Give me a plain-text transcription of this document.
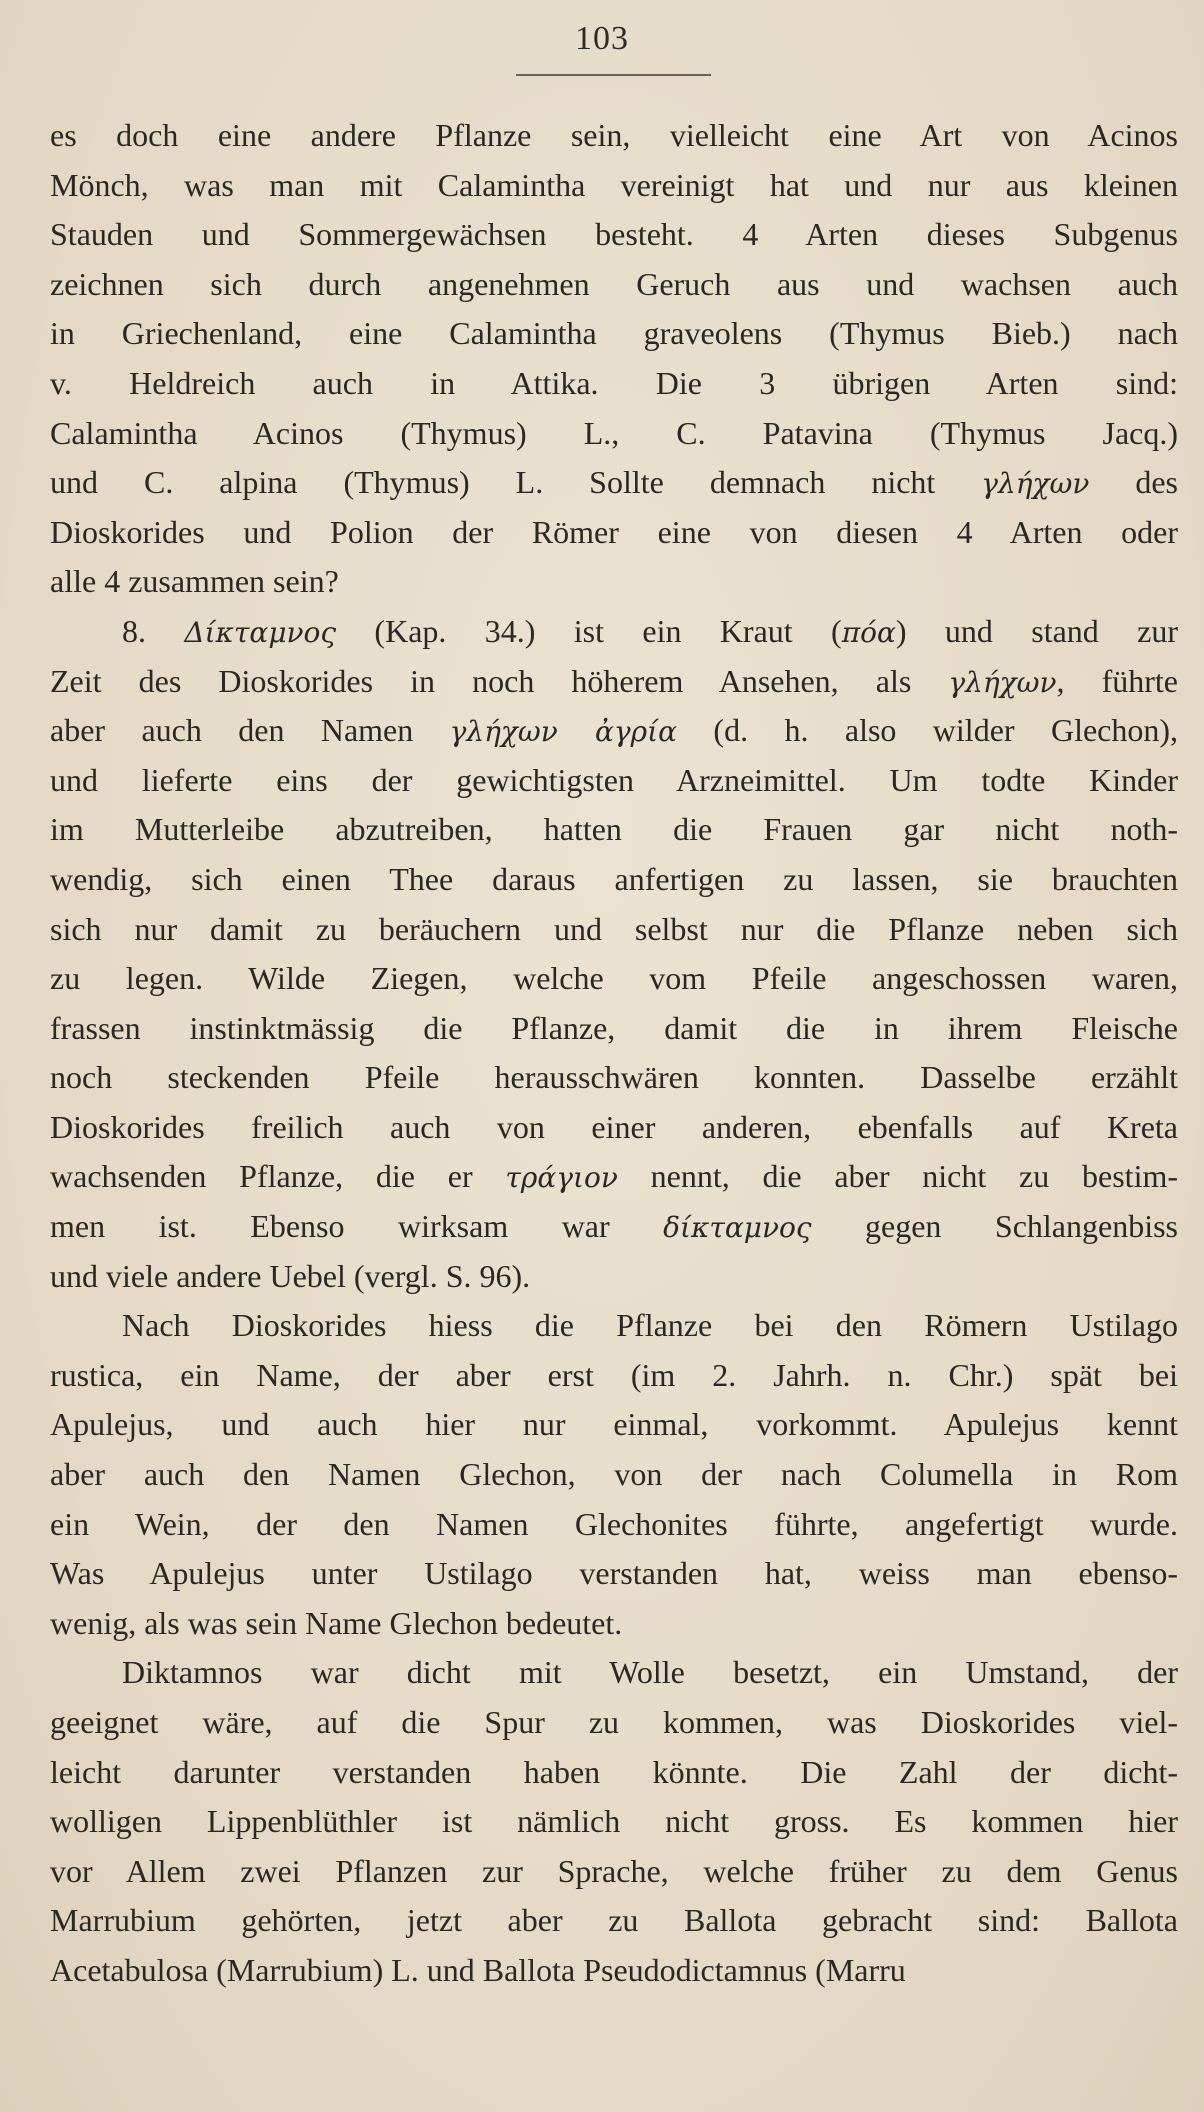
103
es doch eine andere Pflanze sein, vielleicht eine Art von Acinos
Mönch, was man mit Calamintha vereinigt hat und nur aus kleinen
Stauden und Sommergewächsen besteht. 4 Arten dieses Subgenus
zeichnen sich durch angenehmen Geruch aus und wachsen auch
in Griechenland, eine Calamintha graveolens (Thymus Bieb.) nach
v. Heldreich auch in Attika. Die 3 übrigen Arten sind:
Calamintha Acinos (Thymus) L., C. Patavina (Thymus Jacq.)
und C. alpina (Thymus) L. Sollte demnach nicht γλήχων des
Dioskorides und Polion der Römer eine von diesen 4 Arten oder
alle 4 zusammen sein?
8. Δίκταμνος (Kap. 34.) ist ein Kraut (πόα) und stand zur
Zeit des Dioskorides in noch höherem Ansehen, als γλήχων, führte
aber auch den Namen γλήχων ἀγρία (d. h. also wilder Glechon),
und lieferte eins der gewichtigsten Arzneimittel. Um todte Kinder
im Mutterleibe abzutreiben, hatten die Frauen gar nicht noth-
wendig, sich einen Thee daraus anfertigen zu lassen, sie brauchten
sich nur damit zu beräuchern und selbst nur die Pflanze neben sich
zu legen. Wilde Ziegen, welche vom Pfeile angeschossen waren,
frassen instinktmässig die Pflanze, damit die in ihrem Fleische
noch steckenden Pfeile herausschwären konnten. Dasselbe erzählt
Dioskorides freilich auch von einer anderen, ebenfalls auf Kreta
wachsenden Pflanze, die er τράγιον nennt, die aber nicht zu bestim-
men ist. Ebenso wirksam war δίκταμνος gegen Schlangenbiss
und viele andere Uebel (vergl. S. 96).
Nach Dioskorides hiess die Pflanze bei den Römern Ustilago
rustica, ein Name, der aber erst (im 2. Jahrh. n. Chr.) spät bei
Apulejus, und auch hier nur einmal, vorkommt. Apulejus kennt
aber auch den Namen Glechon, von der nach Columella in Rom
ein Wein, der den Namen Glechonites führte, angefertigt wurde.
Was Apulejus unter Ustilago verstanden hat, weiss man ebenso-
wenig, als was sein Name Glechon bedeutet.
Diktamnos war dicht mit Wolle besetzt, ein Umstand, der
geeignet wäre, auf die Spur zu kommen, was Dioskorides viel-
leicht darunter verstanden haben könnte. Die Zahl der dicht-
wolligen Lippenblüthler ist nämlich nicht gross. Es kommen hier
vor Allem zwei Pflanzen zur Sprache, welche früher zu dem Genus
Marrubium gehörten, jetzt aber zu Ballota gebracht sind: Ballota
Acetabulosa (Marrubium) L. und Ballota Pseudodictamnus (Marru
